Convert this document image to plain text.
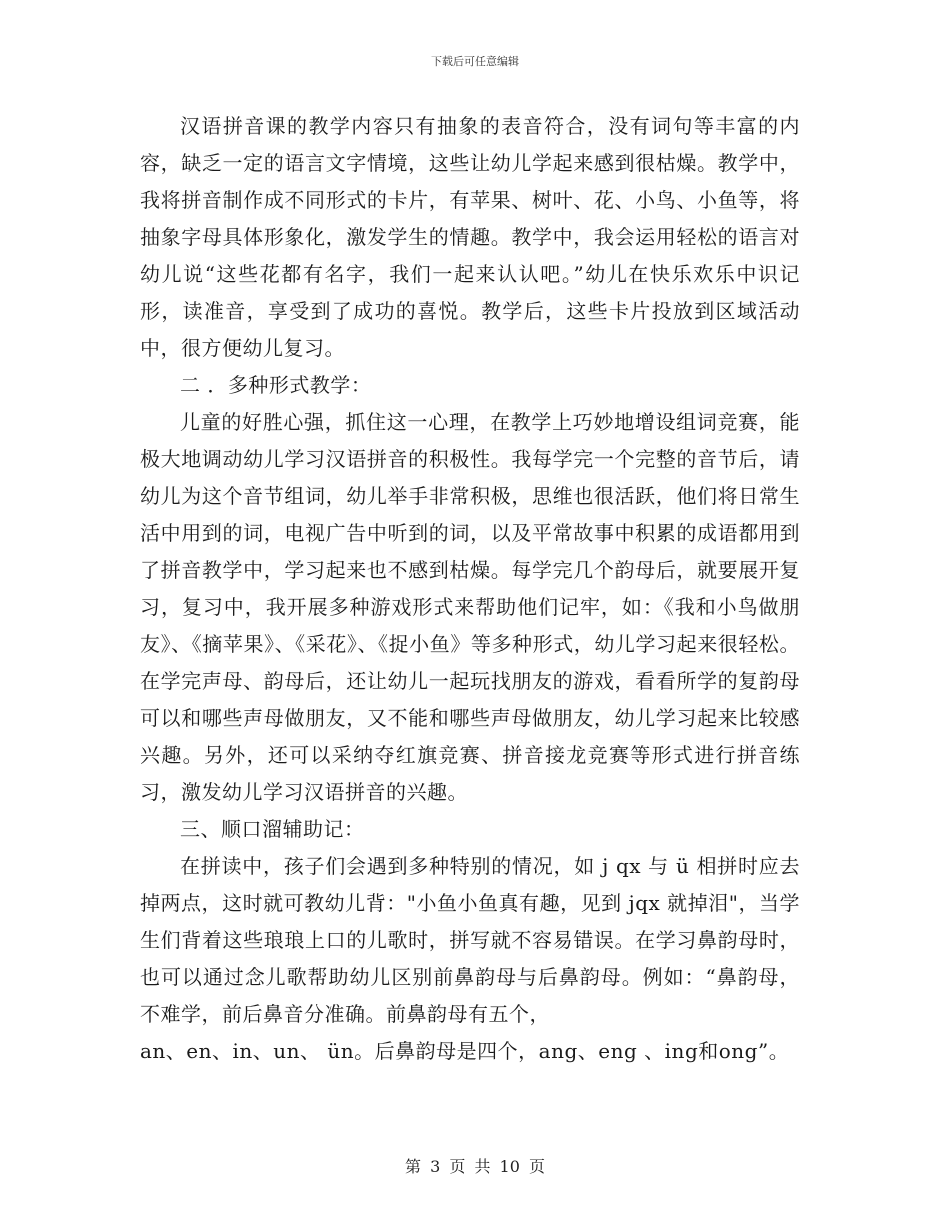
下载后可任意编辑

汉语拼音课的教学内容只有抽象的表音符合，没有词句等丰富的内容，缺乏一定的语言文字情境，这些让幼儿学起来感到很枯燥。教学中，我将拼音制作成不同形式的卡片，有苹果、树叶、花、小鸟、小鱼等，将抽象字母具体形象化，激发学生的情趣。教学中，我会运用轻松的语言对幼儿说“这些花都有名字，我们一起来认认吧。”幼儿在快乐欢乐中识记形，读准音，享受到了成功的喜悦。教学后，这些卡片投放到区域活动中，很方便幼儿复习。

二 ．多种形式教学：

儿童的好胜心强，抓住这一心理，在教学上巧妙地增设组词竞赛，能极大地调动幼儿学习汉语拼音的积极性。我每学完一个完整的音节后，请幼儿为这个音节组词，幼儿举手非常积极，思维也很活跃，他们将日常生活中用到的词，电视广告中听到的词，以及平常故事中积累的成语都用到了拼音教学中，学习起来也不感到枯燥。每学完几个韵母后，就要展开复习，复习中，我开展多种游戏形式来帮助他们记牢，如：《我和小鸟做朋友》、《摘苹果》、《采花》、《捉小鱼》等多种形式，幼儿学习起来很轻松。在学完声母、韵母后，还让幼儿一起玩找朋友的游戏，看看所学的复韵母可以和哪些声母做朋友，又不能和哪些声母做朋友，幼儿学习起来比较感兴趣。另外，还可以采纳夺红旗竞赛、拼音接龙竞赛等形式进行拼音练习，激发幼儿学习汉语拼音的兴趣。

三、顺口溜辅助记：

在拼读中，孩子们会遇到多种特别的情况，如 j qx 与 ü 相拼时应去掉两点，这时就可教幼儿背："小鱼小鱼真有趣，见到 jqx 就掉泪"，当学生们背着这些琅琅上口的儿歌时，拼写就不容易错误。在学习鼻韵母时，也可以通过念儿歌帮助幼儿区别前鼻韵母与后鼻韵母。例如：“鼻韵母，不难学，前后鼻音分准确。前鼻韵母有五个，

an、en、in、un、 ün。后鼻韵母是四个，ang、eng 、ing和ong”。

第 3 页 共 10 页
